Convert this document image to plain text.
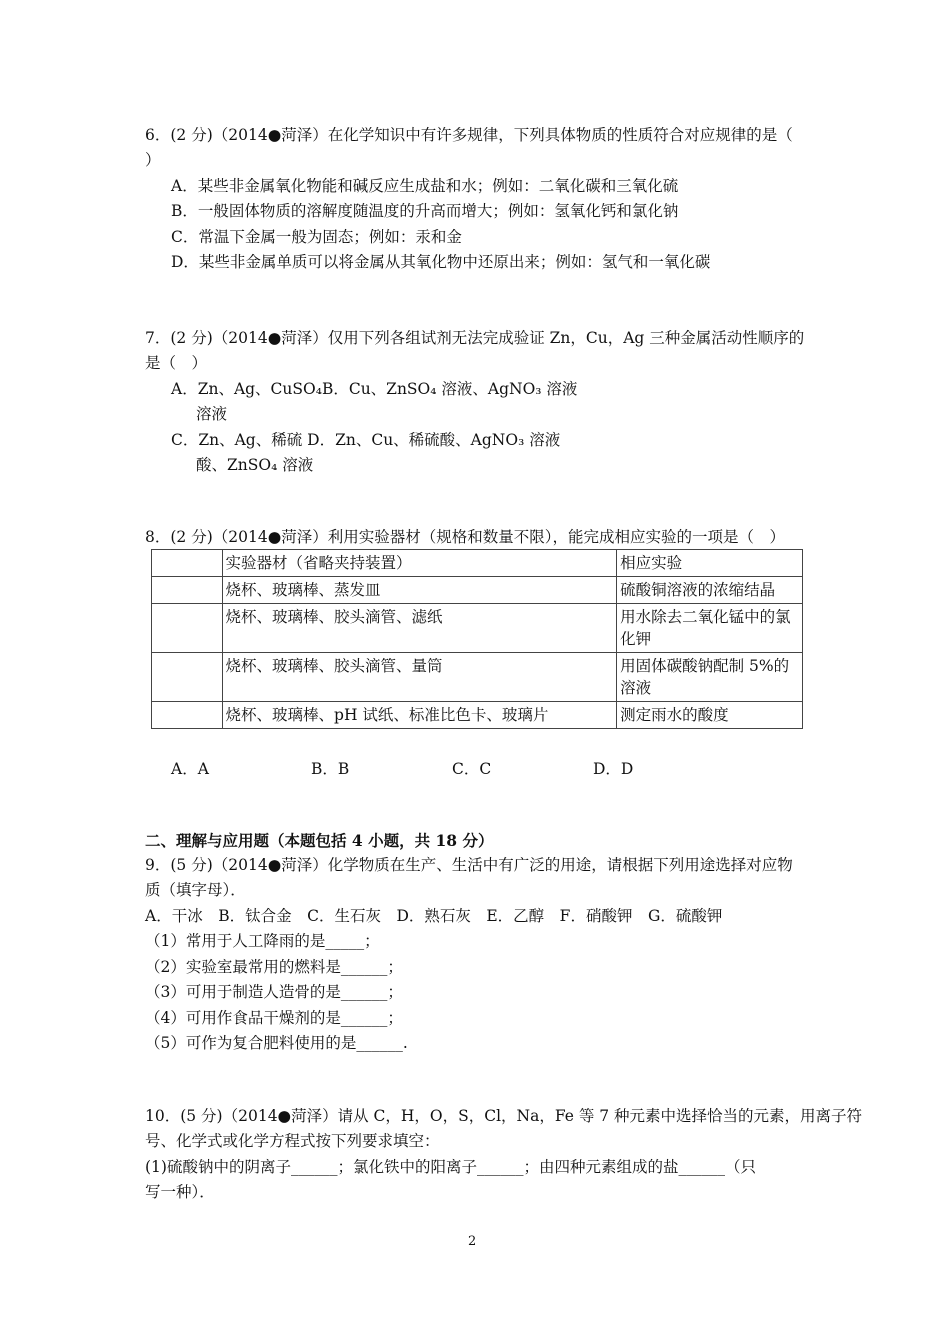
6．(2 分)（2014●菏泽）在化学知识中有许多规律，下列具体物质的性质符合对应规律的是（
）
A．某些非金属氧化物能和碱反应生成盐和水；例如：二氧化碳和三氧化硫
B．一般固体物质的溶解度随温度的升高而增大；例如：氢氧化钙和氯化钠
C．常温下金属一般为固态；例如：汞和金
D．某些非金属单质可以将金属从其氧化物中还原出来；例如：氢气和一氧化碳
7．(2 分)（2014●菏泽）仅用下列各组试剂无法完成验证 Zn，Cu，Ag 三种金属活动性顺序的
是（　）
A．Zn、Ag、CuSO₄B．Cu、ZnSO₄ 溶液、AgNO₃ 溶液
溶液
C．Zn、Ag、稀硫 D．Zn、Cu、稀硫酸、AgNO₃ 溶液
酸、ZnSO₄ 溶液
8．(2 分)（2014●菏泽）利用实验器材（规格和数量不限），能完成相应实验的一项是（　）
	实验器材（省略夹持装置）	相应实验
	烧杯、玻璃棒、蒸发皿	硫酸铜溶液的浓缩结晶
	烧杯、玻璃棒、胶头滴管、滤纸	用水除去二氧化锰中的氯化钾
	烧杯、玻璃棒、胶头滴管、量筒	用固体碳酸钠配制 5%的溶液
	烧杯、玻璃棒、pH 试纸、标准比色卡、玻璃片	测定雨水的酸度
A．A	B．B	C．C	D．D
二、理解与应用题（本题包括 4 小题，共 18 分）
9．(5 分)（2014●菏泽）化学物质在生产、生活中有广泛的用途，请根据下列用途选择对应物
质（填字母）．
A．干冰　B．钛合金　C．生石灰　D．熟石灰　E．乙醇　F．硝酸钾　G．硫酸钾
（1）常用于人工降雨的是_____；
（2）实验室最常用的燃料是______；
（3）可用于制造人造骨的是______；
（4）可用作食品干燥剂的是______；
（5）可作为复合肥料使用的是______.
10．(5 分)（2014●菏泽）请从 C，H，O，S，Cl，Na，Fe 等 7 种元素中选择恰当的元素，用离子符
号、化学式或化学方程式按下列要求填空：
(1)硫酸钠中的阴离子______；氯化铁中的阳离子______；由四种元素组成的盐______（只
写一种）．
2
